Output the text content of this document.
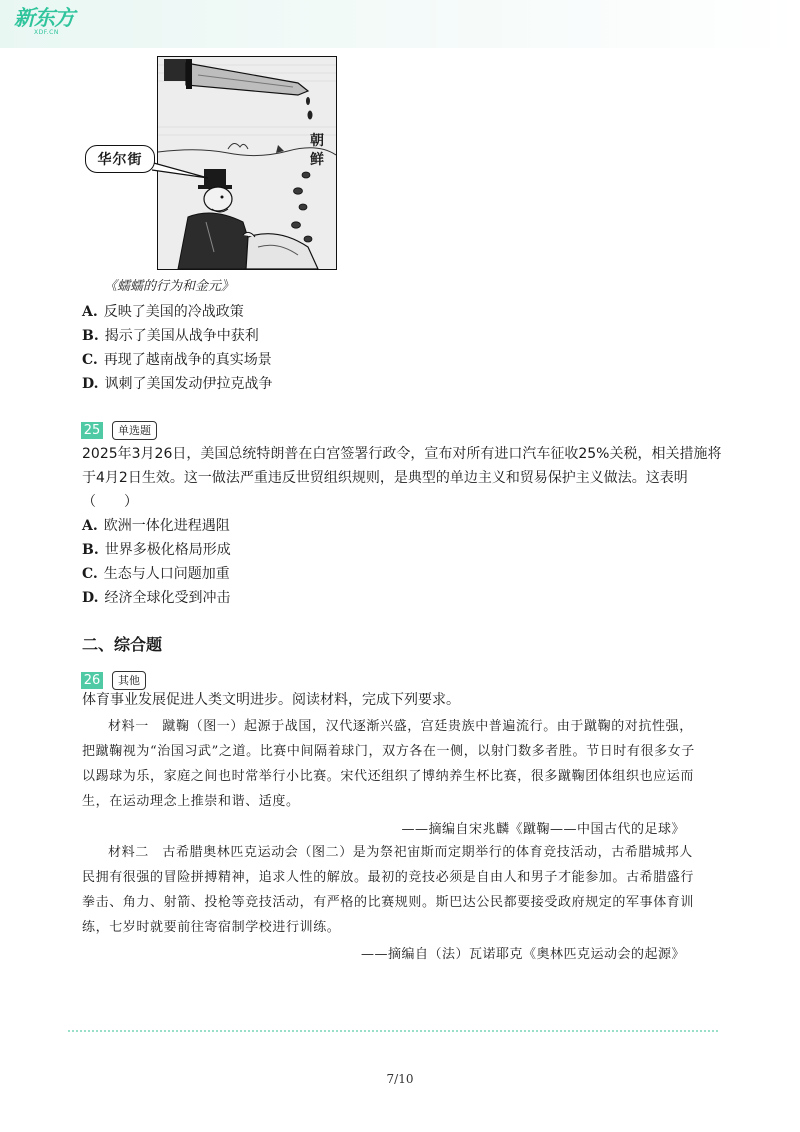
新东方
XDF.CN
华尔街
朝鲜
《蠕蠕的行为和金元》
A. 反映了美国的冷战政策
B. 揭示了美国从战争中获利
C. 再现了越南战争的真实场景
D. 讽刺了美国发动伊拉克战争
25	单选题
2025年3月26日，美国总统特朗普在白宫签署行政令，宣布对所有进口汽车征收25%关税，相关措施将于4月2日生效。这一做法严重违反世贸组织规则，是典型的单边主义和贸易保护主义做法。这表明（　　）
A. 欧洲一体化进程遇阻
B. 世界多极化格局形成
C. 生态与人口问题加重
D. 经济全球化受到冲击
二、综合题
26	其他
体育事业发展促进人类文明进步。阅读材料，完成下列要求。
材料一　蹴鞠（图一）起源于战国，汉代逐渐兴盛，宫廷贵族中普遍流行。由于蹴鞠的对抗性强，把蹴鞠视为“治国习武”之道。比赛中间隔着球门，双方各在一侧，以射门数多者胜。节日时有很多女子以踢球为乐，家庭之间也时常举行小比赛。宋代还组织了博纳养生杯比赛，很多蹴鞠团体组织也应运而生，在运动理念上推崇和谐、适度。
——摘编自宋兆麟《蹴鞠——中国古代的足球》
材料二　古希腊奥林匹克运动会（图二）是为祭祀宙斯而定期举行的体育竞技活动，古希腊城邦人民拥有很强的冒险拼搏精神，追求人性的解放。最初的竞技必须是自由人和男子才能参加。古希腊盛行拳击、角力、射箭、投枪等竞技活动，有严格的比赛规则。斯巴达公民都要接受政府规定的军事体育训练，七岁时就要前往寄宿制学校进行训练。
——摘编自（法）瓦诺耶克《奥林匹克运动会的起源》
7/10
